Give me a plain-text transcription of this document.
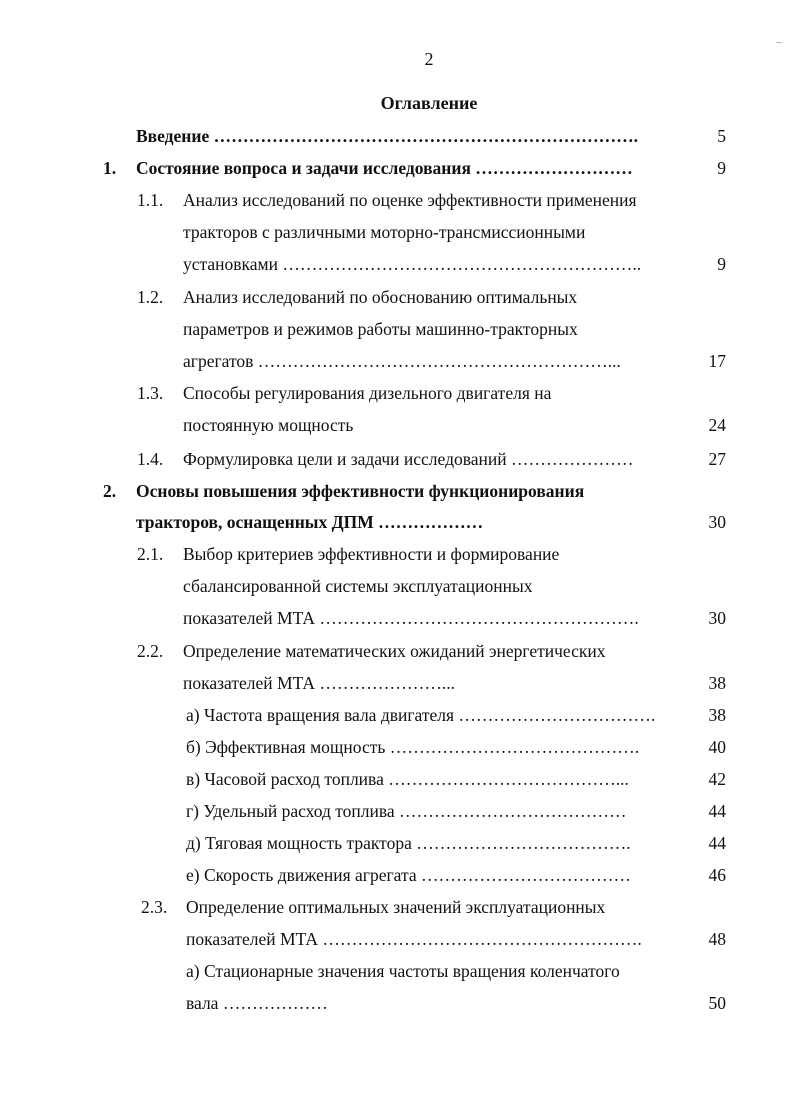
2
Оглавление
Введение ……………………………………………………………….	5
1. Состояние вопроса и задачи исследования ………………………	9
1.1. Анализ исследований по оценке эффективности применения
тракторов с различными моторно-трансмиссионными
установками ……………………………………………………..	9
1.2. Анализ исследований по обоснованию оптимальных
параметров и режимов работы машинно-тракторных
агрегатов ……………………………………………………...	17
1.3. Способы регулирования дизельного двигателя на
постоянную мощность	24
1.4. Формулировка цели и задачи исследований …………………	27
2. Основы повышения эффективности функционирования
тракторов, оснащенных ДПМ ………………	30
2.1. Выбор критериев эффективности и формирование
сбалансированной системы эксплуатационных
показателей МТА ……………………………………………….	30
2.2. Определение математических ожиданий энергетических
показателей МТА …………………...	38
а) Частота вращения вала двигателя …………………………….	38
б) Эффективная мощность …………………………………….	40
в) Часовой расход топлива …………………………………...	42
г) Удельный расход топлива …………………………………	44
д) Тяговая мощность трактора ……………………………….	44
е) Скорость движения агрегата ………………………………	46
2.3. Определение оптимальных значений эксплуатационных
показателей МТА ……………………………………………….	48
а) Стационарные значения частоты вращения коленчатого
вала ………………	50
